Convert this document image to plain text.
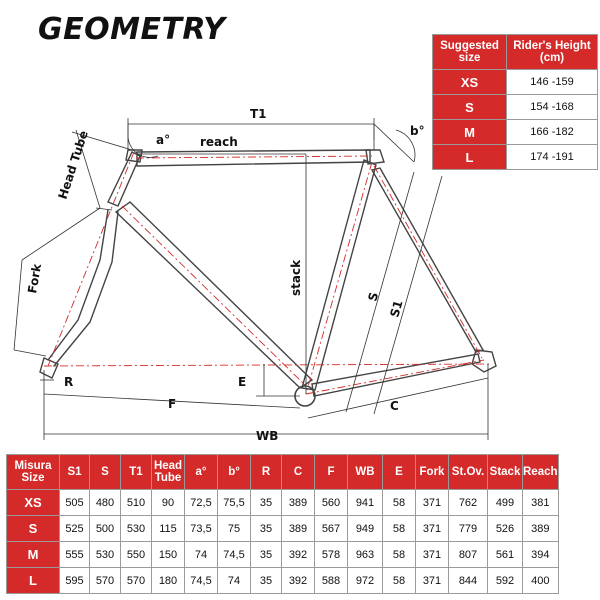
GEOMETRY
T1
a° reach
b°
Head Tube
stack
Fork
S
S1
R	E
F	C
WB
Suggested size	Rider's Height (cm)
XS	146 -159
S	154 -168
M	166 -182
L	174 -191
Misura Size	S1	S	T1	Head Tube	a°	b°	R	C	F	WB	E	Fork	St.Ov.	Stack	Reach
XS	505	480	510	90	72,5	75,5	35	389	560	941	58	371	762	499	381
S	525	500	530	115	73,5	75	35	389	567	949	58	371	779	526	389
M	555	530	550	150	74	74,5	35	392	578	963	58	371	807	561	394
L	595	570	570	180	74,5	74	35	392	588	972	58	371	844	592	400
